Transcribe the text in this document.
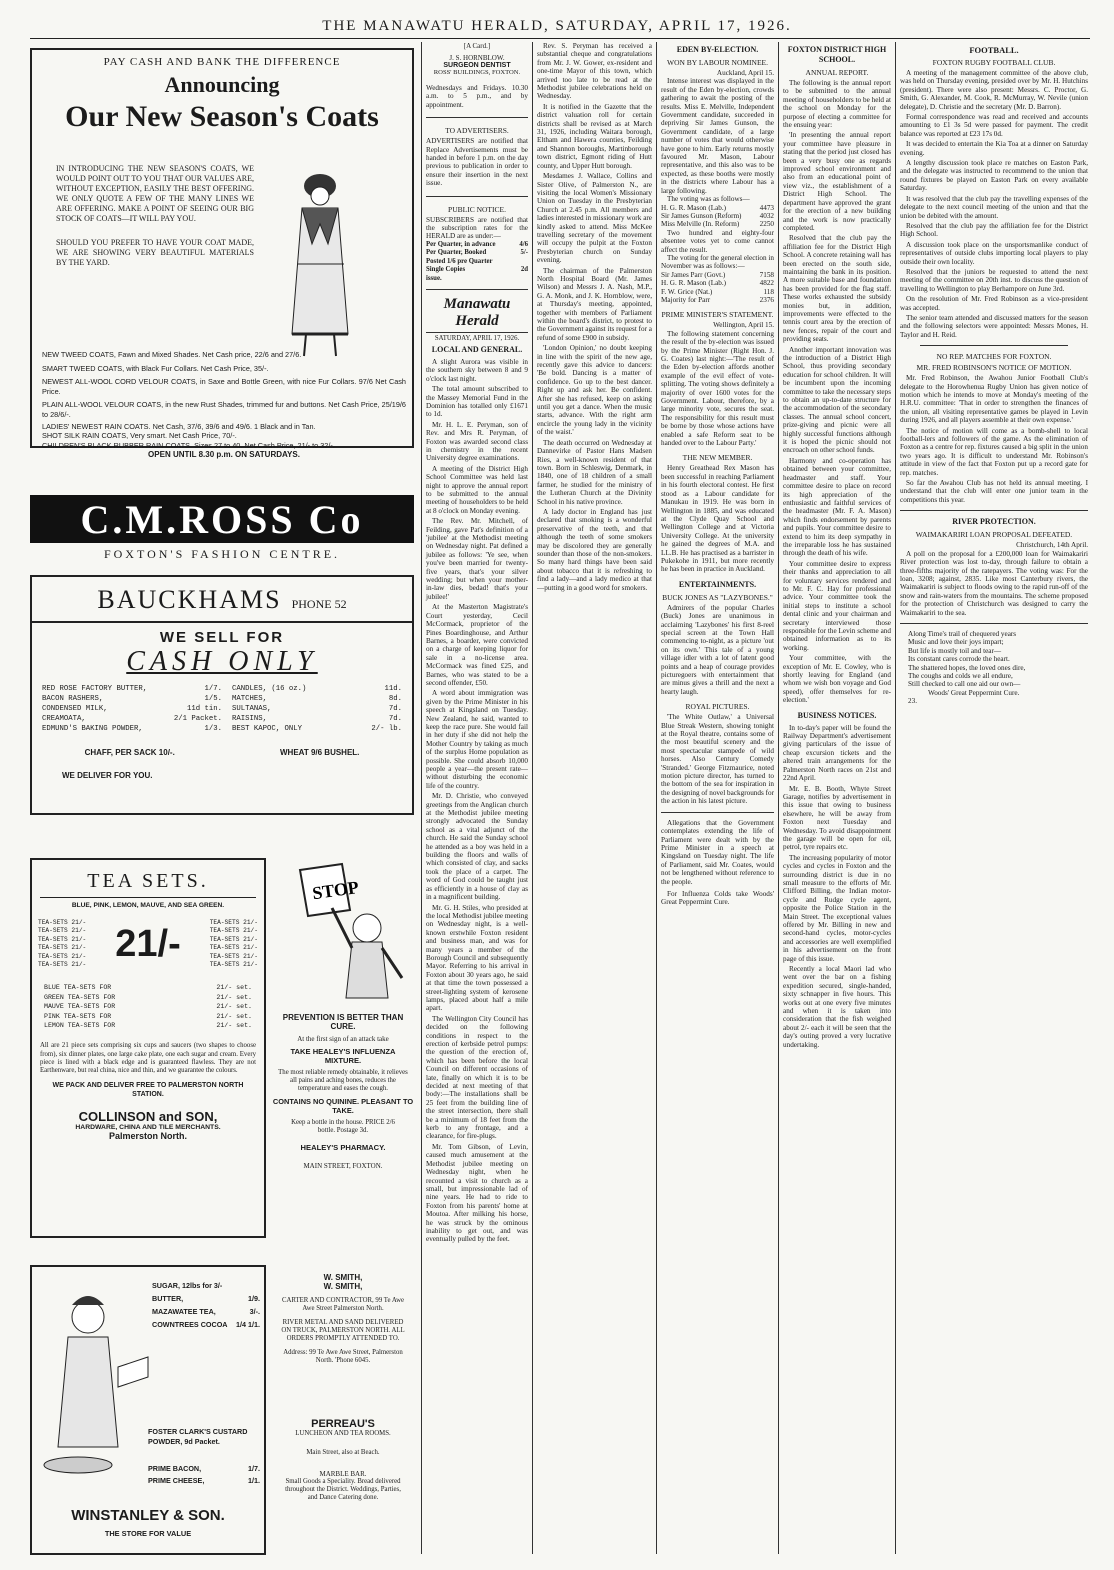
THE MANAWATU HERALD, SATURDAY, APRIL 17, 1926.
PAY CASH AND BANK THE DIFFERENCE
Announcing
Our New Season's Coats
IN INTRODUCING THE NEW SEASON'S COATS, WE WOULD POINT OUT TO YOU THAT OUR VALUES ARE, WITHOUT EXCEPTION, EASILY THE BEST OFFERING. WE ONLY QUOTE A FEW OF THE MANY LINES WE ARE OFFERING. MAKE A POINT OF SEEING OUR BIG STOCK OF COATS—IT WILL PAY YOU.
SHOULD YOU PREFER TO HAVE YOUR COAT MADE, WE ARE SHOWING VERY BEAUTIFUL MATERIALS BY THE YARD.
NEW TWEED COATS, Fawn and Mixed Shades. Net Cash price, 22/6 and 27/6.
SMART TWEED COATS, with Black Fur Collars. Net Cash Price, 35/-.
NEWEST ALL-WOOL CORD VELOUR COATS, in Saxe and Bottle Green, with nice Fur Collars. 97/6 Net Cash Price.
PLAIN ALL-WOOL VELOUR COATS, in the new Rust Shades, trimmed fur and buttons. Net Cash Price, 25/19/6 to 28/6/-.
LADIES' NEWEST RAIN COATS. Net Cash, 37/6, 39/6 and 49/6. 1 Black and in Tan.
SHOT SILK RAIN COATS, Very smart. Net Cash Price, 70/-.
CHILDREN'S BLACK RUBBER RAIN COATS. Sizes 27 to 40. Net Cash Price, 21/- to 32/-.
OPEN UNTIL 8.30 p.m. ON SATURDAYS.
C.M.ROSS Co
FOXTON'S FASHION CENTRE.
BAUCKHAMS PHONE 52
WE SELL FOR
CASH ONLY
RED ROSE FACTORY BUTTER,	1/7.
BACON RASHERS,	1/5.
CONDENSED MILK,	11d tin.
CREAMOATA,	2/1 Packet.
EDMUND'S BAKING POWDER,	1/3.
CANDLES, (16 oz.)	11d.
MATCHES,	8d.
SULTANAS,	7d.
RAISINS,	7d.
BEST KAPOC, ONLY	2/- lb.
CHAFF, PER SACK 10/-.	WHEAT 9/6 BUSHEL.
WE DELIVER FOR YOU.
TEA SETS.
BLUE, PINK, LEMON, MAUVE, AND SEA GREEN.
TEA-SETS 21/-
TEA-SETS 21/-
TEA-SETS 21/-
TEA-SETS 21/-
TEA-SETS 21/-
TEA-SETS 21/- 21/-
TEA-SETS 21/-
TEA-SETS 21/-
TEA-SETS 21/-
TEA-SETS 21/-
TEA-SETS 21/-
TEA-SETS 21/-
BLUE TEA-SETS FOR	21/- set.
GREEN TEA-SETS FOR	21/- set.
MAUVE TEA-SETS FOR	21/- set.
PINK TEA-SETS FOR	21/- set.
LEMON TEA-SETS FOR	21/- set.
All are 21 piece sets comprising six cups and saucers (two shapes to choose from), six dinner plates, one large cake plate, one each sugar and cream. Every piece is lined with a black edge and is guaranteed flawless. They are not Earthenware, but real china, nice and thin, and we guarantee the colours.
WE PACK AND DELIVER FREE TO PALMERSTON NORTH STATION.
COLLINSON and SON,
HARDWARE, CHINA AND TILE MERCHANTS.
Palmerston North.
STOP
PREVENTION IS BETTER THAN CURE.
At the first sign of an attack take
TAKE HEALEY'S INFLUENZA MIXTURE.
The most reliable remedy obtainable, it relieves all pains and aching bones, reduces the temperature and eases the cough.
CONTAINS NO QUININE. PLEASANT TO TAKE.
Keep a bottle in the house. PRICE 2/6 bottle. Postage 3d.
HEALEY'S PHARMACY.
MAIN STREET, FOXTON.
SUGAR, 12lbs for 3/-
BUTTER,	1/9.
MAZAWATEE TEA,	3/-.
COWNTREES COCOA 1/4 1/1.
FOSTER CLARK'S CUSTARD POWDER, 9d Packet.
PRIME BACON,	1/7.
PRIME CHEESE,	1/1.
WINSTANLEY & SON.
THE STORE FOR VALUE
W. SMITH,
W. SMITH,
CARTER AND CONTRACTOR, 99 Te Awe Awe Street Palmerston North.
RIVER METAL AND SAND DELIVERED ON TRUCK, PALMERSTON NORTH. ALL ORDERS PROMPTLY ATTENDED TO.
Address: 99 Te Awe Awe Street, Palmerston North. 'Phone 6045.
PERREAU'S
LUNCHEON AND TEA ROOMS.
Main Street, also at Beach.
MARBLE BAR.
Small Goods a Speciality. Bread delivered throughout the District. Weddings, Parties, and Dance Catering done.
[A Card.]
J. S. HORNBLOW.
SURGEON DENTIST
ROSS' BUILDINGS, FOXTON.
Wednesdays and Fridays. 10.30 a.m. to 5 p.m., and by appointment.
TO ADVERTISERS.
ADVERTISERS are notified that Replace Advertisements must be handed in before 1 p.m. on the day previous to publication in order to ensure their insertion in the next issue.
PUBLIC NOTICE.
SUBSCRIBERS are notified that the subscription rates for the HERALD are as under:—
Per Quarter, in advance	4/6
Per Quarter, Booked	5/-
Posted 1/6 pre Quarter
Single Copies	2d
issue.
Manawatu Herald
SATURDAY, APRIL 17, 1926.
LOCAL AND GENERAL.
A slight Aurora was visible in the southern sky between 8 and 9 o'clock last night.
The total amount subscribed to the Massey Memorial Fund in the Dominion has totalled only £1671 to 1d.
Mr. H. L. E. Peryman, son of Rev. and Mrs R. Peryman, of Foxton was awarded second class in chemistry in the recent University degree examinations.
A meeting of the District High School Committee was held last night to approve the annual report to be submitted to the annual meeting of householders to be held at 8 o'clock on Monday evening.
The Rev. Mr. Mitchell, of Feilding, gave Pat's definition of a 'jubilee' at the Methodist meeting on Wednesday night. Pat defined a jubilee as follows: 'Ye see, when you've been married for twenty-five years, that's your silver wedding; but when your mother-in-law dies, bedad! that's your jubilee!'
At the Masterton Magistrate's Court yesterday, Cecil McCormack, proprietor of the Pines Boardinghouse, and Arthur Barnes, a boarder, were convicted on a charge of keeping liquor for sale in a no-license area. McCormack was fined £25, and Barnes, who was stated to be a second offender, £50.
A word about immigration was given by the Prime Minister in his speech at Kingsland on Tuesday. New Zealand, he said, wanted to keep the race pure. She would fail in her duty if she did not help the Mother Country by taking as much of the surplus Home population as possible. She could absorb 10,000 people a year—the present rate—without disturbing the economic life of the country.
Mr. D. Christie, who conveyed greetings from the Anglican church at the Methodist jubilee meeting strongly advocated the Sunday school as a vital adjunct of the church. He said the Sunday school he attended as a boy was held in a building the floors and walls of which consisted of clay, and sacks took the place of a carpet. The word of God could be taught just as efficiently in a house of clay as in a magnificent building.
Mr. G. H. Stiles, who presided at the local Methodist jubilee meeting on Wednesday night, is a well-known erstwhile Foxton resident and business man, and was for many years a member of the Borough Council and subsequently Mayor. Referring to his arrival in Foxton about 30 years ago, he said at that time the town possessed a street-lighting system of kerosene lamps, placed about half a mile apart.
The Wellington City Council has decided on the following conditions in respect to the erection of kerbside petrol pumps: the question of the erection of, which has been before the local Council on different occasions of late, finally on which it is to be decided at next meeting of that body:—The installations shall be 25 feet from the building line of the street intersection, there shall be a minimum of 18 feet from the kerb to any frontage, and a clearance, for fire-plugs.
Mr. Tom Gibson, of Levin, caused much amusement at the Methodist jubilee meeting on Wednesday night, when he recounted a visit to church as a small, but impressionable lad of nine years. He had to ride to Foxton from his parents' home at Moutoa. After milking his horse, he was struck by the ominous inability to get out, and was eventually pulled by the feet.
Rev. S. Peryman has received a substantial cheque and congratulations from Mr. J. W. Gower, ex-resident and one-time Mayor of this town, which arrived too late to be read at the Methodist jubilee celebrations held on Wednesday.
It is notified in the Gazette that the district valuation roll for certain districts shall be revised as at March 31, 1926, including Waitara borough, Eltham and Hawera counties, Feilding and Shannon boroughs, Martinborough town district, Egmont riding of Hutt county, and Upper Hutt borough.
Mesdames J. Wallace, Collins and Sister Olive, of Palmerston N., are visiting the local Women's Missionary Union on Tuesday in the Presbyterian Church at 2.45 p.m. All members and ladies interested in missionary work are kindly asked to attend. Miss McKee travelling secretary of the movement will occupy the pulpit at the Foxton Presbyterian church on Sunday evening.
The chairman of the Palmerston North Hospital Board (Mr. James Wilson) and Messrs J. A. Nash, M.P., G. A. Monk, and J. K. Hornblow, were, at Thursday's meeting, appointed, together with members of Parliament within the board's district, to protest to the Government against its request for a refund of some £900 in subsidy.
'London Opinion,' no doubt keeping in line with the spirit of the new age, recently gave this advice to dancers: 'Be bold. Dancing is a matter of confidence. Go up to the best dancer. Right up and ask her. Be confident. After she has refused, keep on asking until you get a dance. When the music starts, advance. With the right arm encircle the young lady in the vicinity of the waist.'
The death occurred on Wednesday at Dannevirke of Pastor Hans Madsen Ries, a well-known resident of that town. Born in Schleswig, Denmark, in 1840, one of 18 children of a small farmer, he studied for the ministry of the Lutheran Church at the Divinity School in his native province.
A lady doctor in England has just declared that smoking is a wonderful preservative of the teeth, and that although the teeth of some smokers may be discolored they are generally sounder than those of the non-smokers. So many hard things have been said about tobacco that it is refreshing to find a lady—and a lady medico at that—putting in a good word for smokers.
EDEN BY-ELECTION.
WON BY LABOUR NOMINEE.
Auckland, April 15.
Intense interest was displayed in the result of the Eden by-election, crowds gathering to await the posting of the results. Miss E. Melville, Independent Government candidate, succeeded in depriving Sir James Gunson, the Government candidate, of a large number of votes that would otherwise have gone to him. Early returns mostly favoured Mr. Mason, Labour representative, and this also was to be expected, as these booths were mostly in the districts where Labour has a large following.
The voting was as follows—
H. G. R. Mason (Lab.)	4473
Sir James Gunson (Reform)	4032
Miss Melville (In. Reform)	2250
Two hundred and eighty-four absentee votes yet to come cannot affect the result.
The voting for the general election in November was as follows:—
Sir James Parr (Govt.)	7158
H. G. R. Mason (Lab.)	4822
F. W. Grice (Nat.)	118
Majority for Parr	2376
PRIME MINISTER'S STATEMENT.
Wellington, April 15.
The following statement concerning the result of the by-election was issued by the Prime Minister (Right Hon. J. G. Coates) last night:—'The result of the Eden by-election affords another example of the evil effect of vote-splitting. The voting shows definitely a majority of over 1600 votes for the Government. Labour, therefore, by a large minority vote, secures the seat. The responsibility for this result must be borne by those whose actions have enabled a safe Reform seat to be handed over to the Labour Party.'
THE NEW MEMBER.
Henry Greathead Rex Mason has been successful in reaching Parliament in his fourth electoral contest. He first stood as a Labour candidate for Manukau in 1919. He was born in Wellington in 1885, and was educated at the Clyde Quay School and Wellington College and at Victoria University College. At the university he gained the degrees of M.A. and LL.B. He has practised as a barrister in Pukekohe in 1911, but more recently he has been in practice in Auckland.
ENTERTAINMENTS.
BUCK JONES AS "LAZYBONES."
Admirers of the popular Charles (Buck) Jones are unanimous in acclaiming 'Lazybones' his first 8-reel special screen at the Town Hall commencing to-night, as a picture 'out on its own.' This tale of a young village idler with a lot of latent good points and a heap of courage provides picturegoers with entertainment that are minus gives a thrill and the next a hearty laugh.
ROYAL PICTURES.
'The White Outlaw,' a Universal Blue Streak Western, showing tonight at the Royal theatre, contains some of the most beautiful scenery and the most spectacular stampede of wild horses. Also Century Comedy 'Stranded.' George Fitzmaurice, noted motion picture director, has turned to the bottom of the sea for inspiration in the designing of novel backgrounds for the action in his latest picture.
Allegations that the Government contemplates extending the life of Parliament were dealt with by the Prime Minister in a speech at Kingsland on Tuesday night. The life of Parliament, said Mr. Coates, would not be lengthened without reference to the people.
For Influenza Colds take Woods' Great Peppermint Cure.
FOXTON DISTRICT HIGH SCHOOL.
ANNUAL REPORT.
The following is the annual report to be submitted to the annual meeting of householders to be held at the school on Monday for the purpose of electing a committee for the ensuing year:
'In presenting the annual report your committee have pleasure in stating that the period just closed has been a very busy one as regards improved school environment and also from an educational point of view viz., the establishment of a District High School. The department have approved the grant for the erection of a new building and the work is now practically completed.
Resolved that the club pay the affiliation fee for the District High School. A concrete retaining wall has been erected on the south side, maintaining the bank in its position. A more suitable base and foundation has been provided for the flag staff. These works exhausted the subsidy monies but, in addition, improvements were effected to the tennis court area by the erection of new fences, repair of the court and providing seats.
Another important innovation was the introduction of a District High School, thus providing secondary education for school children. It will be incumbent upon the incoming committee to take the necessary steps to obtain an up-to-date structure for the accommodation of the secondary classes. The annual school concert, prize-giving and picnic were all highly successful functions although it is hoped the picnic should not encroach on other school funds.
Harmony and co-operation has obtained between your committee, headmaster and staff. Your committee desire to place on record its high appreciation of the enthusiastic and faithful services of the headmaster (Mr. F. A. Mason) which finds endorsement by parents and pupils. Your committee desire to extend to him its deep sympathy in the irreparable loss he has sustained through the death of his wife.
Your committee desire to express their thanks and appreciation to all for voluntary services rendered and to Mr. F. C. Hay for professional advice. Your committee took the initial steps to institute a school dental clinic and your chairman and secretary interviewed those responsible for the Levin scheme and obtained information as to its working.
Your committee, with the exception of Mr. E. Cowley, who is shortly leaving for England (and whom we wish bon voyage and God speed), offer themselves for re-election.'
BUSINESS NOTICES.
In to-day's paper will be found the Railway Department's advertisement giving particulars of the issue of cheap excursion tickets and the altered train arrangements for the Palmerston North races on 21st and 22nd April.
Mr. E. B. Booth, Whyte Street Garage, notifies by advertisement in this issue that owing to business elsewhere, he will be away from Foxton next Tuesday and Wednesday. To avoid disappointment the garage will be open for oil, petrol, tyre repairs etc.
The increasing popularity of motor cycles and cycles in Foxton and the surrounding district is due in no small measure to the efforts of Mr. Clifford Billing, the Indian motor-cycle and Rudge cycle agent, opposite the Police Station in the Main Street. The exceptional values offered by Mr. Billing in new and second-hand cycles, motor-cycles and accessories are well exemplified in his advertisement on the front page of this issue.
Recently a local Maori lad who went over the bar on a fishing expedition secured, single-handed, sixty schnapper in five hours. This works out at one every five minutes and when it is taken into consideration that the fish weighed about 2/- each it will be seen that the day's outing proved a very lucrative undertaking.
FOOTBALL.
FOXTON RUGBY FOOTBALL CLUB.
A meeting of the management committee of the above club, was held on Thursday evening, presided over by Mr. H. Hutchins (president). There were also present: Messrs. C. Proctor, G. Smith, G. Alexander, M. Cook, R. McMurray, W. Nevile (union delegate), D. Christie and the secretary (Mr. D. Barron).
Formal correspondence was read and received and accounts amounting to £1 3s 5d were passed for payment. The credit balance was reported at £23 17s 0d.
It was decided to entertain the Kia Toa at a dinner on Saturday evening.
A lengthy discussion took place re matches on Easton Park, and the delegate was instructed to recommend to the union that round fixtures be played on Easton Park on every available Saturday.
It was resolved that the club pay the travelling expenses of the delegate to the next council meeting of the union and that the union be debited with the amount.
Resolved that the club pay the affiliation fee for the District High School.
A discussion took place on the unsportsmanlike conduct of representatives of outside clubs importing local players to play outside their own locality.
Resolved that the juniors be requested to attend the next meeting of the committee on 20th inst. to discuss the question of travelling to Wellington to play Berhampore on June 3rd.
On the resolution of Mr. Fred Robinson as a vice-president was accepted.
The senior team attended and discussed matters for the season and the following selectors were appointed: Messrs Mones, H. Taylor and H. Reid.
NO REP. MATCHES FOR FOXTON.
MR. FRED ROBINSON'S NOTICE OF MOTION.
Mr. Fred Robinson, the Awahou Junior Football Club's delegate to the Horowhenua Rugby Union has given notice of motion which he intends to move at Monday's meeting of the H.R.U. committee: 'That in order to strengthen the finances of the union, all visiting representative games be played in Levin during 1926, and all players assemble at their own expense.'
The notice of motion will come as a bomb-shell to local football-lers and followers of the game. As the elimination of Foxton as a centre for rep. fixtures caused a big split in the union two years ago. It is difficult to understand Mr. Robinson's attitude in view of the fact that Foxton put up a record gate for rep. matches.
So far the Awahou Club has not held its annual meeting. I understand that the club will enter one junior team in the competitions this year.
RIVER PROTECTION.
WAIMAKARIRI LOAN PROPOSAL DEFEATED.
Christchurch, 14th April.
A poll on the proposal for a £200,000 loan for Waimakariri River protection was lost to-day, through failure to obtain a three-fifths majority of the ratepayers. The voting was: For the loan, 3208; against, 2835. Like most Canterbury rivers, the Waimakariri is subject to floods owing to the rapid run-off of the snow and rain-waters from the mountains. The scheme proposed for the protection of Christchurch was designed to carry the Waimakariri to the sea.
Along Time's trail of chequered years
Music and love their joys impart;
But life is mostly toil and tear—
Its constant cares corrode the heart.
The shattered hopes, the loved ones dire,
The coughs and colds we all endure,
Still checked to call one aid our own—
Woods' Great Peppermint Cure.
23.
